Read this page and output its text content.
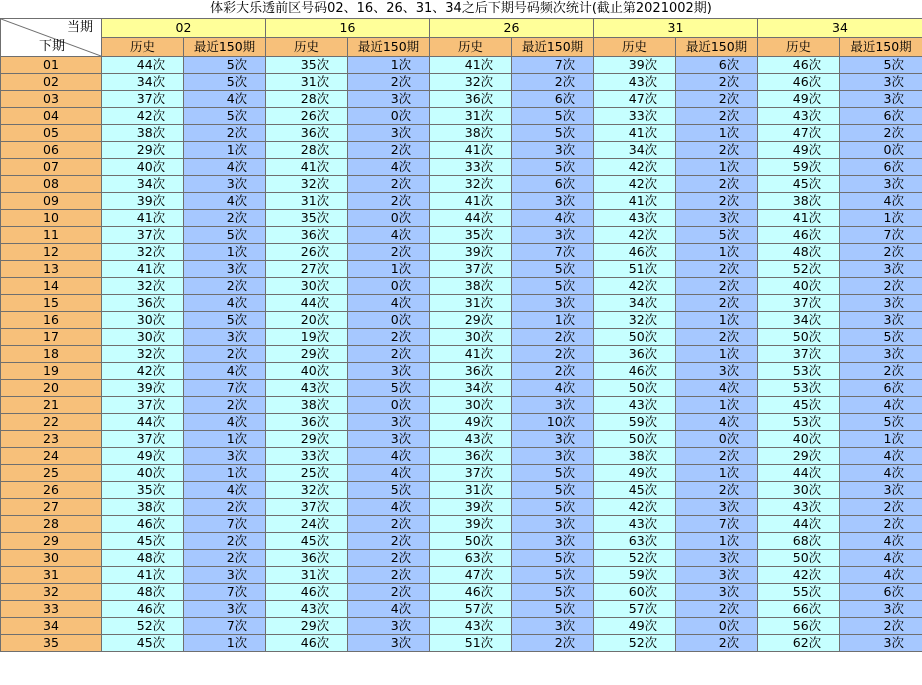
体彩大乐透前区号码02、16、26、31、34之后下期号码频次统计(截止第2021002期)
当期
下期	02		16		26		31		34	
	历史	最近150期	历史	最近150期	历史	最近150期	历史	最近150期	历史	最近150期
01	44次	5次	35次	1次	41次	7次	39次	6次	46次	5次
02	34次	5次	31次	2次	32次	2次	43次	2次	46次	3次
03	37次	4次	28次	3次	36次	6次	47次	2次	49次	3次
04	42次	5次	26次	0次	31次	5次	33次	2次	43次	6次
05	38次	2次	36次	3次	38次	5次	41次	1次	47次	2次
06	29次	1次	28次	2次	41次	3次	34次	2次	49次	0次
07	40次	4次	41次	4次	33次	5次	42次	1次	59次	6次
08	34次	3次	32次	2次	32次	6次	42次	2次	45次	3次
09	39次	4次	31次	2次	41次	3次	41次	2次	38次	4次
10	41次	2次	35次	0次	44次	4次	43次	3次	41次	1次
11	37次	5次	36次	4次	35次	3次	42次	5次	46次	7次
12	32次	1次	26次	2次	39次	7次	46次	1次	48次	2次
13	41次	3次	27次	1次	37次	5次	51次	2次	52次	3次
14	32次	2次	30次	0次	38次	5次	42次	2次	40次	2次
15	36次	4次	44次	4次	31次	3次	34次	2次	37次	3次
16	30次	5次	20次	0次	29次	1次	32次	1次	34次	3次
17	30次	3次	19次	2次	30次	2次	50次	2次	50次	5次
18	32次	2次	29次	2次	41次	2次	36次	1次	37次	3次
19	42次	4次	40次	3次	36次	2次	46次	3次	53次	2次
20	39次	7次	43次	5次	34次	4次	50次	4次	53次	6次
21	37次	2次	38次	0次	30次	3次	43次	1次	45次	4次
22	44次	4次	36次	3次	49次	10次	59次	4次	53次	5次
23	37次	1次	29次	3次	43次	3次	50次	0次	40次	1次
24	49次	3次	33次	4次	36次	3次	38次	2次	29次	4次
25	40次	1次	25次	4次	37次	5次	49次	1次	44次	4次
26	35次	4次	32次	5次	31次	5次	45次	2次	30次	3次
27	38次	2次	37次	4次	39次	5次	42次	3次	43次	2次
28	46次	7次	24次	2次	39次	3次	43次	7次	44次	2次
29	45次	2次	45次	2次	50次	3次	63次	1次	68次	4次
30	48次	2次	36次	2次	63次	5次	52次	3次	50次	4次
31	41次	3次	31次	2次	47次	5次	59次	3次	42次	4次
32	48次	7次	46次	2次	46次	5次	60次	3次	55次	6次
33	46次	3次	43次	4次	57次	5次	57次	2次	66次	3次
34	52次	7次	29次	3次	43次	3次	49次	0次	56次	2次
35	45次	1次	46次	3次	51次	2次	52次	2次	62次	3次
